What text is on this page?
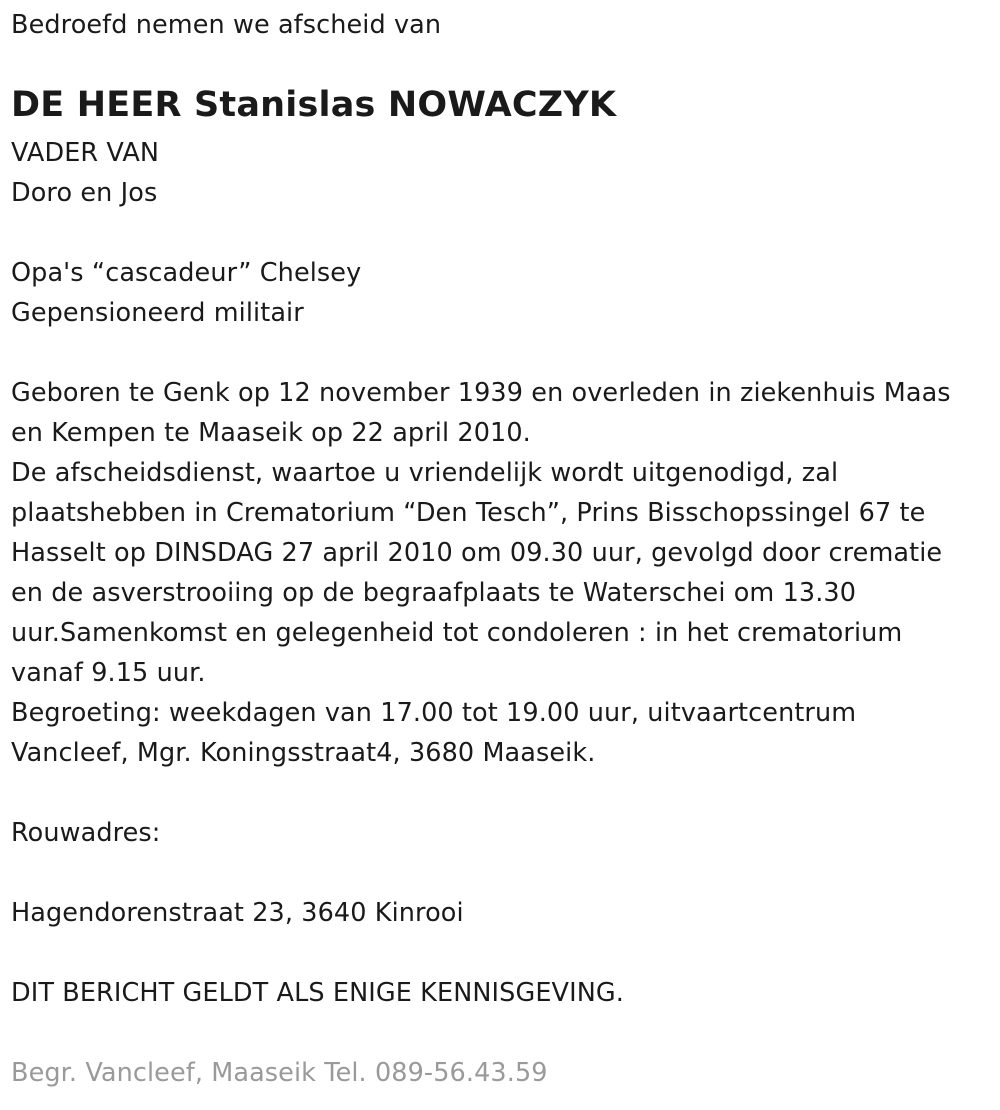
Bedroefd nemen we afscheid van
DE HEER Stanislas NOWACZYK
VADER VAN
Doro en Jos
Opa's “cascadeur” Chelsey
Gepensioneerd militair
Geboren te Genk op 12 november 1939 en overleden in ziekenhuis Maas
en Kempen te Maaseik op 22 april 2010.
De afscheidsdienst, waartoe u vriendelijk wordt uitgenodigd, zal
plaatshebben in Crematorium “Den Tesch”, Prins Bisschopssingel 67 te
Hasselt op DINSDAG 27 april 2010 om 09.30 uur, gevolgd door crematie
en de asverstrooiing op de begraafplaats te Waterschei om 13.30
uur.Samenkomst en gelegenheid tot condoleren : in het crematorium
vanaf 9.15 uur.
Begroeting: weekdagen van 17.00 tot 19.00 uur, uitvaartcentrum
Vancleef, Mgr. Koningsstraat4, 3680 Maaseik.
Rouwadres:
Hagendorenstraat 23, 3640 Kinrooi
DIT BERICHT GELDT ALS ENIGE KENNISGEVING.
Begr. Vancleef, Maaseik Tel. 089-56.43.59
